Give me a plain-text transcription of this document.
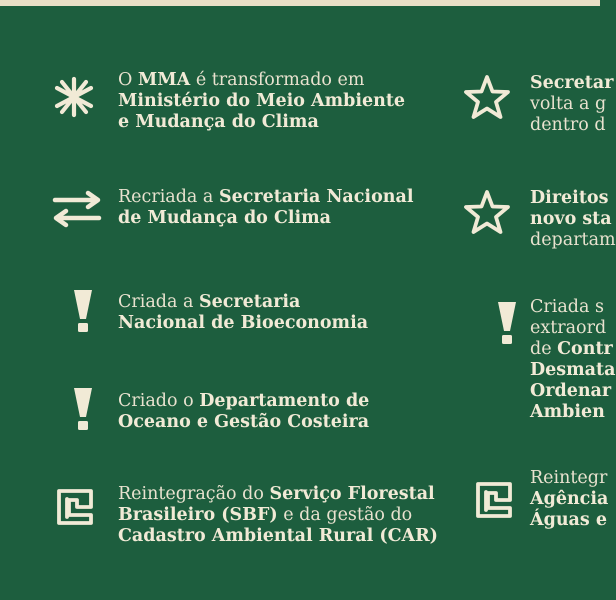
O MMA é transformado em
Ministério do Meio Ambiente
e Mudança do Clima
Recriada a Secretaria Nacional
de Mudança do Clima
Criada a Secretaria
Nacional de Bioeconomia
Criado o Departamento de
Oceano e Gestão Costeira
Reintegração do Serviço Florestal
Brasileiro (SBF) e da gestão do
Cadastro Ambiental Rural (CAR)
Secretar
volta a g
dentro d
Direitos
novo sta
departam
Criada s
extraord
de Contr
Desmata
Ordenar
Ambien
Reintegr
Agência
Águas e
